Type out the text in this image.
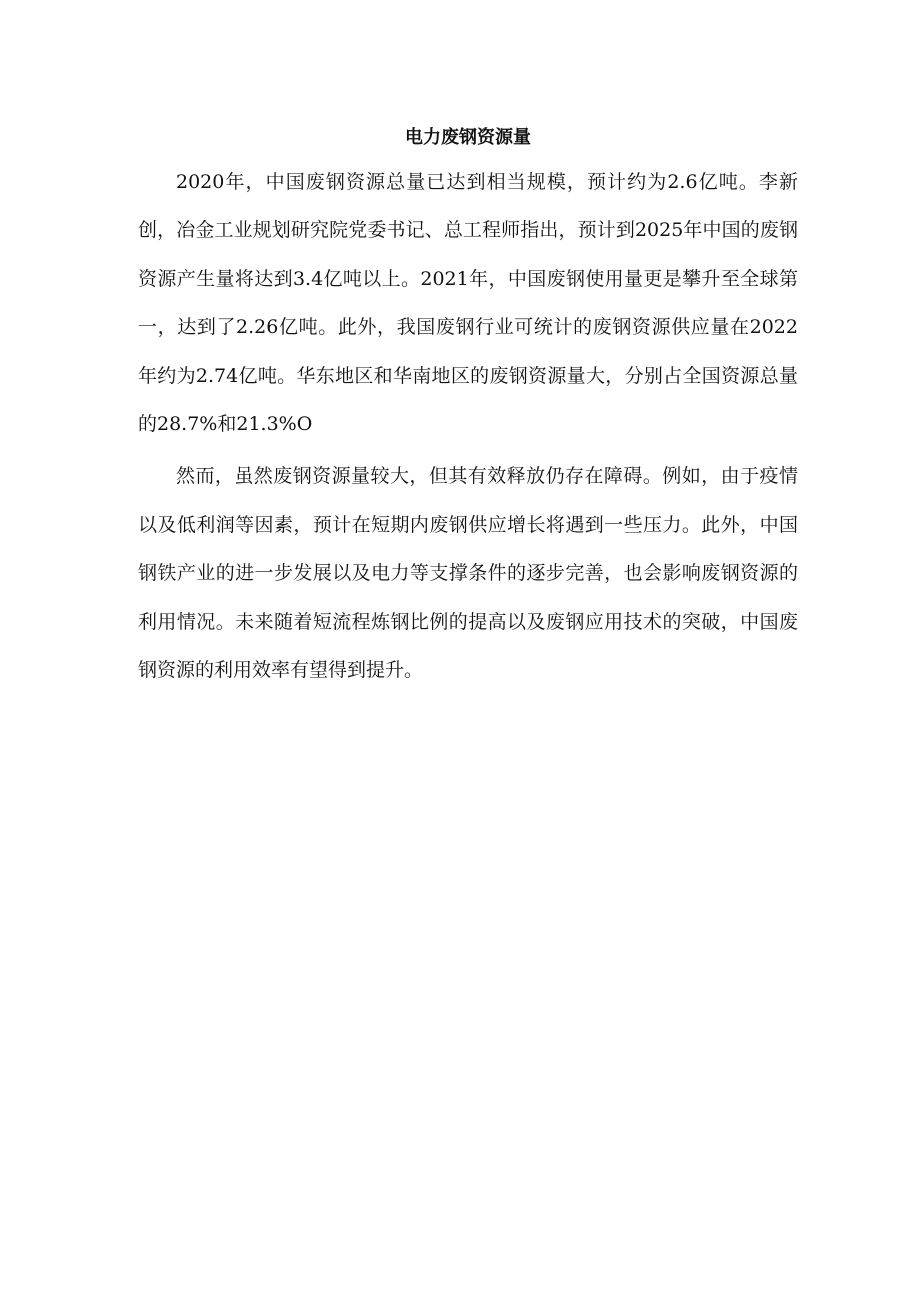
电力废钢资源量

2020年，中国废钢资源总量已达到相当规模，预计约为2.6亿吨。李新创，冶金工业规划研究院党委书记、总工程师指出，预计到2025年中国的废钢资源产生量将达到3.4亿吨以上。2021年，中国废钢使用量更是攀升至全球第一，达到了2.26亿吨。此外，我国废钢行业可统计的废钢资源供应量在2022年约为2.74亿吨。华东地区和华南地区的废钢资源量大，分别占全国资源总量的28.7%和21.3%O

然而，虽然废钢资源量较大，但其有效释放仍存在障碍。例如，由于疫情以及低利润等因素，预计在短期内废钢供应增长将遇到一些压力。此外，中国钢铁产业的进一步发展以及电力等支撑条件的逐步完善，也会影响废钢资源的利用情况。未来随着短流程炼钢比例的提高以及废钢应用技术的突破，中国废钢资源的利用效率有望得到提升。
